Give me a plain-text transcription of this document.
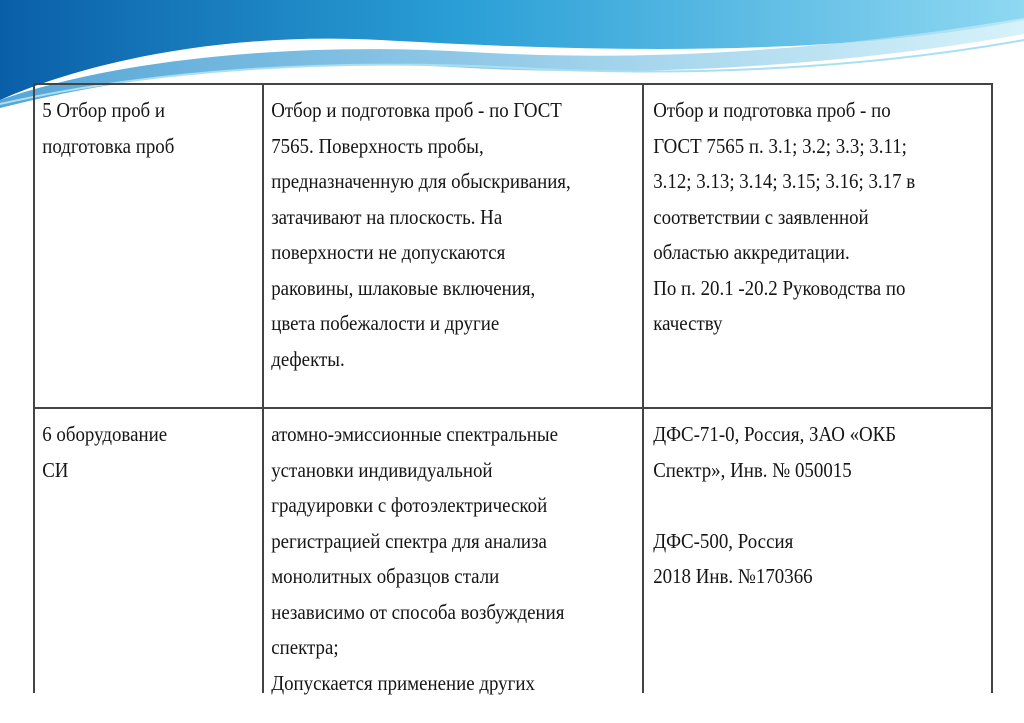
5 Отбор проб и
подготовка проб
Отбор и подготовка проб - по ГОСТ
7565. Поверхность пробы,
предназначенную для обыскривания,
затачивают на плоскость. На
поверхности не допускаются
раковины, шлаковые включения,
цвета побежалости и другие
дефекты.
Отбор и подготовка проб - по
ГОСТ 7565 п. 3.1; 3.2; 3.3; 3.11;
3.12; 3.13; 3.14; 3.15; 3.16; 3.17 в
соответствии с заявленной
областью аккредитации.
По п. 20.1 -20.2 Руководства по
качеству
6 оборудование
СИ
атомно-эмиссионные спектральные
установки индивидуальной
градуировки с фотоэлектрической
регистрацией спектра для анализа
монолитных образцов стали
независимо от способа возбуждения
спектра;
Допускается применение других
ДФС-71-0, Россия, ЗАО «ОКБ
Спектр», Инв. № 050015

ДФС-500, Россия
2018 Инв. №170366
